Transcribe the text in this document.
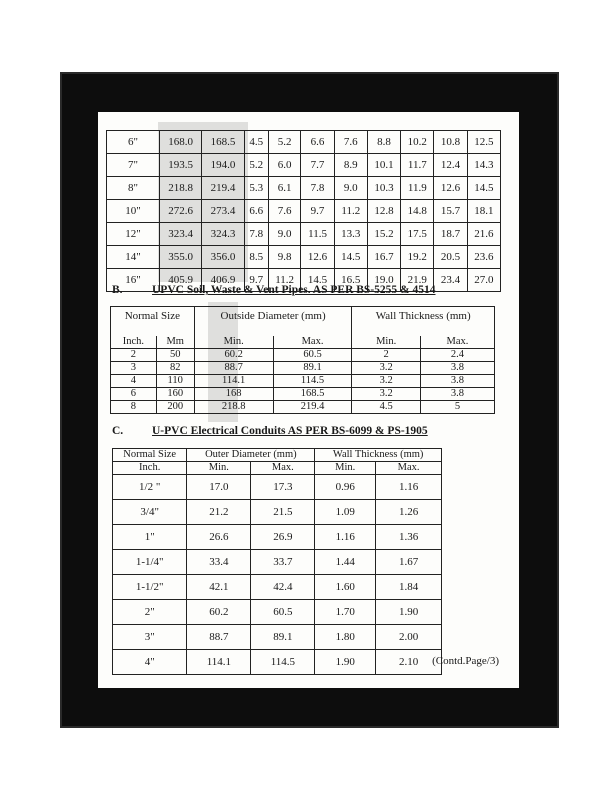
6"	168.0	168.5	4.5	5.2	6.6	7.6	8.8	10.2	10.8	12.5
7"	193.5	194.0	5.2	6.0	7.7	8.9	10.1	11.7	12.4	14.3
8"	218.8	219.4	5.3	6.1	7.8	9.0	10.3	11.9	12.6	14.5
10"	272.6	273.4	6.6	7.6	9.7	11.2	12.8	14.8	15.7	18.1
12"	323.4	324.3	7.8	9.0	11.5	13.3	15.2	17.5	18.7	21.6
14"	355.0	356.0	8.5	9.8	12.6	14.5	16.7	19.2	20.5	23.6
16"	405.9	406.9	9.7	11.2	14.5	16.5	19.0	21.9	23.4	27.0
B.	UPVC Soil, Waste & Vent Pipes. AS PER BS-5255 & 4514
Normal Size		Outside Diameter (mm)		Wall Thickness (mm)	
Inch.	Mm	Min.	Max.	Min.	Max.
2	50	60.2	60.5	2	2.4
3	82	88.7	89.1	3.2	3.8
4	110	114.1	114.5	3.2	3.8
6	160	168	168.5	3.2	3.8
8	200	218.8	219.4	4.5	5
C.	U-PVC Electrical Conduits AS PER BS-6099 & PS-1905
Normal Size	Outer Diameter (mm)		Wall Thickness (mm)	
Inch.	Min.	Max.	Min.	Max.
1/2 "	17.0	17.3	0.96	1.16
3/4"	21.2	21.5	1.09	1.26
1"	26.6	26.9	1.16	1.36
1-1/4"	33.4	33.7	1.44	1.67
1-1/2"	42.1	42.4	1.60	1.84
2"	60.2	60.5	1.70	1.90
3"	88.7	89.1	1.80	2.00
4"	114.1	114.5	1.90	2.10 (Contd.Page/3)
